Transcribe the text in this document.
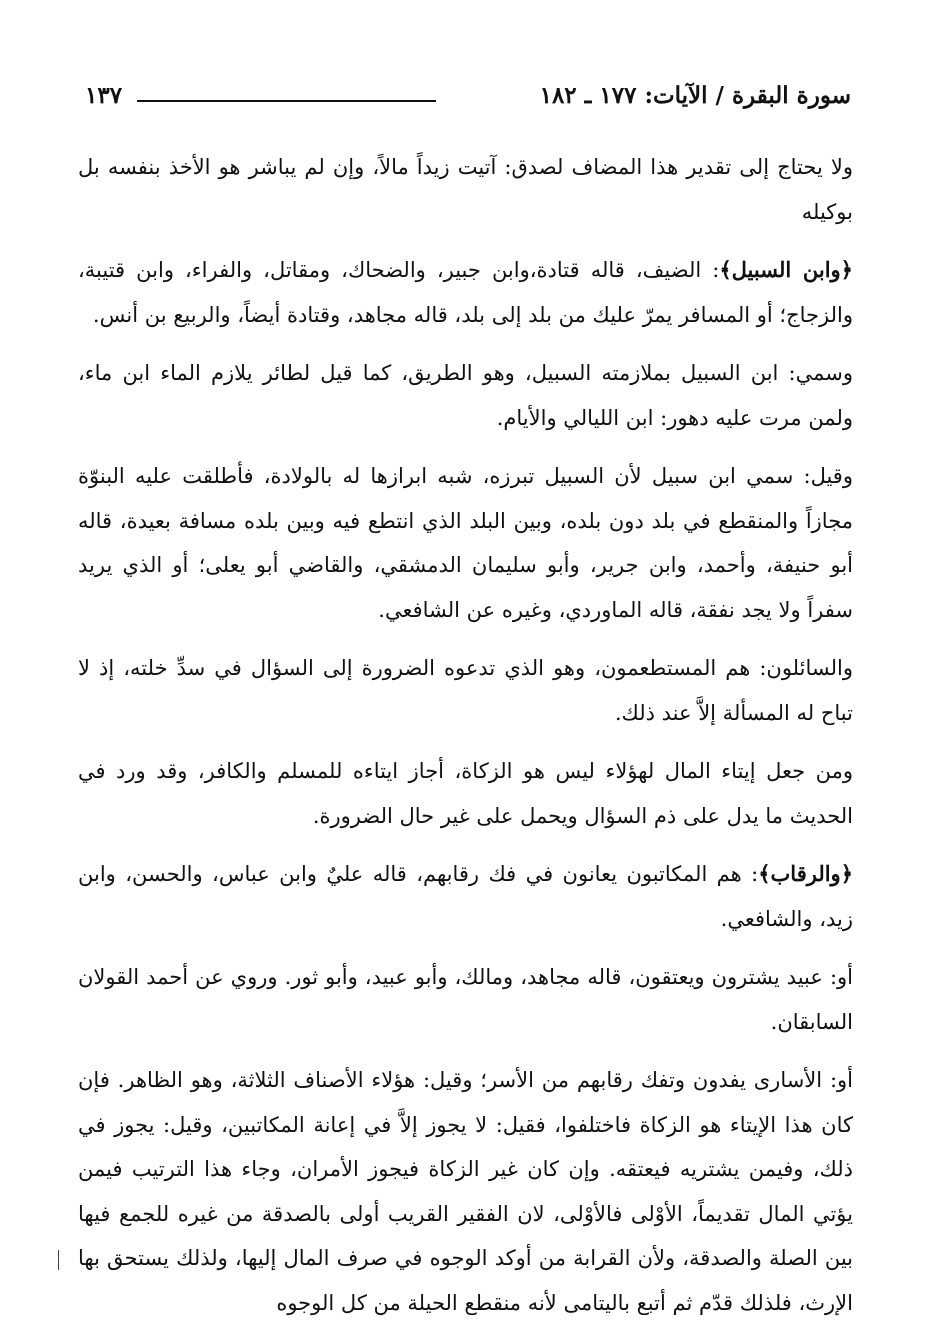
سورة البقرة / الآيات: ١٧٧ ـ ١٨٢
١٣٧

ولا يحتاج إلى تقدير هذا المضاف لصدق: آتيت زيداً مالاً، وإن لم يباشر هو الأخذ بنفسه بل بوكيله

﴿وابن السبيل﴾: الضيف، قاله قتادة،وابن جبير، والضحاك، ومقاتل، والفراء، وابن قتيبة، والزجاج؛ أو المسافر يمرّ عليك من بلد إلى بلد، قاله مجاهد، وقتادة أيضاً، والربيع بن أنس.

وسمي: ابن السبيل بملازمته السبيل، وهو الطريق، كما قيل لطائر يلازم الماء ابن ماء، ولمن مرت عليه دهور: ابن الليالي والأيام.

وقيل: سمي ابن سبيل لأن السبيل تبرزه، شبه ابرازها له بالولادة، فأطلقت عليه البنوّة مجازاً والمنقطع في بلد دون بلده، وبين البلد الذي انتطع فيه وبين بلده مسافة بعيدة، قاله أبو حنيفة، وأحمد، وابن جرير، وأبو سليمان الدمشقي، والقاضي أبو يعلى؛ أو الذي يريد سفراً ولا يجد نفقة، قاله الماوردي، وغيره عن الشافعي.

والسائلون: هم المستطعمون، وهو الذي تدعوه الضرورة إلى السؤال في سدِّ خلته، إذ لا تباح له المسألة إلاَّ عند ذلك.

ومن جعل إيتاء المال لهؤلاء ليس هو الزكاة، أجاز ايتاءه للمسلم والكافر، وقد ورد في الحديث ما يدل على ذم السؤال ويحمل على غير حال الضرورة.

﴿والرقاب﴾: هم المكاتبون يعانون في فك رقابهم، قاله عليٌ وابن عباس، والحسن، وابن زيد، والشافعي.

أو: عبيد يشترون ويعتقون، قاله مجاهد، ومالك، وأبو عبيد، وأبو ثور. وروي عن أحمد القولان السابقان.

أو: الأسارى يفدون وتفك رقابهم من الأسر؛ وقيل: هؤلاء الأصناف الثلاثة، وهو الظاهر. فإن كان هذا الإيتاء هو الزكاة فاختلفوا، فقيل: لا يجوز إلاَّ في إعانة المكاتبين، وقيل: يجوز في ذلك، وفيمن يشتريه فيعتقه. وإن كان غير الزكاة فيجوز الأمران، وجاء هذا الترتيب فيمن يؤتي المال تقديماً، الأوْلى فالأوْلى، لان الفقير القريب أولى بالصدقة من غيره للجمع فيها بين الصلة والصدقة، ولأن القرابة من أوكد الوجوه في صرف المال إليها، ولذلك يستحق بها الإرث، فلذلك قدّم ثم أتبع باليتامى لأنه منقطع الحيلة من كل الوجوه
